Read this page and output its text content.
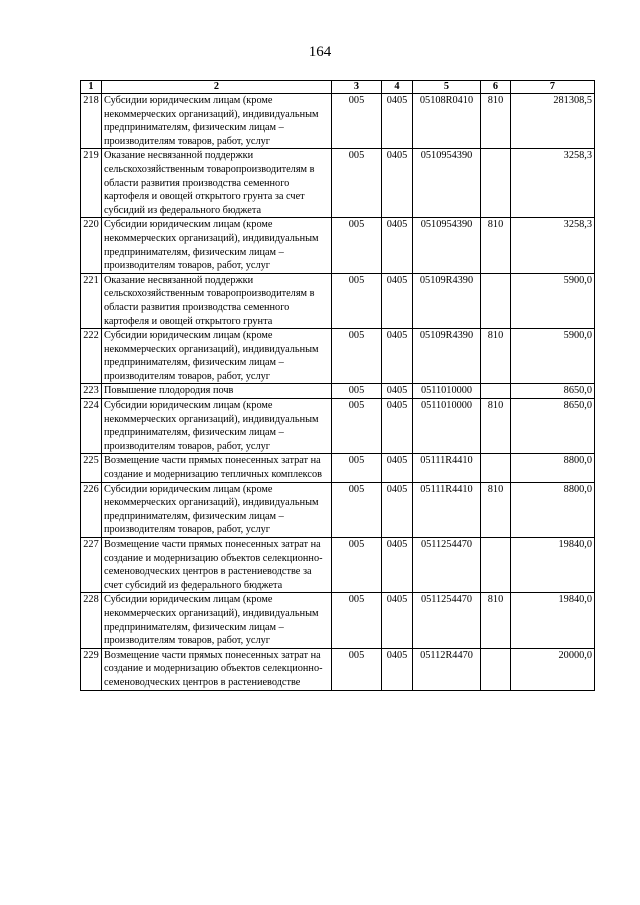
164
1	2	3	4	5	6	7
218	Субсидии юридическим лицам (кроме некоммерческих организаций), индивидуальным предпринимателям, физическим лицам – производителям товаров, работ, услуг	005	0405	05108R0410	810	281308,5
219	Оказание несвязанной поддержки сельскохозяйственным товаропроизводителям в области развития производства семенного картофеля и овощей открытого грунта за счет субсидий из федерального бюджета	005	0405	0510954390		3258,3
220	Субсидии юридическим лицам (кроме некоммерческих организаций), индивидуальным предпринимателям, физическим лицам – производителям товаров, работ, услуг	005	0405	0510954390	810	3258,3
221	Оказание несвязанной поддержки сельскохозяйственным товаропроизводителям в области развития производства семенного картофеля и овощей открытого грунта	005	0405	05109R4390		5900,0
222	Субсидии юридическим лицам (кроме некоммерческих организаций), индивидуальным предпринимателям, физическим лицам – производителям товаров, работ, услуг	005	0405	05109R4390	810	5900,0
223	Повышение плодородия почв	005	0405	0511010000		8650,0
224	Субсидии юридическим лицам (кроме некоммерческих организаций), индивидуальным предпринимателям, физическим лицам – производителям товаров, работ, услуг	005	0405	0511010000	810	8650,0
225	Возмещение части прямых понесенных затрат на создание и модернизацию тепличных комплексов	005	0405	05111R4410		8800,0
226	Субсидии юридическим лицам (кроме некоммерческих организаций), индивидуальным предпринимателям, физическим лицам – производителям товаров, работ, услуг	005	0405	05111R4410	810	8800,0
227	Возмещение части прямых понесенных затрат на создание и модернизацию объектов селекционно-семеноводческих центров в растениеводстве за счет субсидий из федерального бюджета	005	0405	0511254470		19840,0
228	Субсидии юридическим лицам (кроме некоммерческих организаций), индивидуальным предпринимателям, физическим лицам – производителям товаров, работ, услуг	005	0405	0511254470	810	19840,0
229	Возмещение части прямых понесенных затрат на создание и модернизацию объектов селекционно-семеноводческих центров в растениеводстве	005	0405	05112R4470		20000,0
